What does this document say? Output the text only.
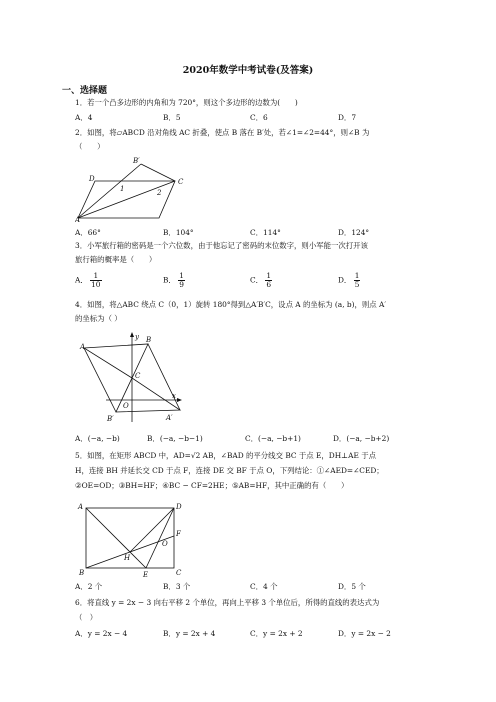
2020年数学中考试卷(及答案)
一、选择题
1．若一个凸多边形的内角和为 720°，则这个多边形的边数为(　　)
A．4	B．5	C．6	D．7
2．如图，将▱ABCD 沿对角线 AC 折叠，使点 B 落在 B′处，若∠1=∠2=44°，则∠B 为
（　　）
B′
D	C
1	2
A
A．66°	B．104°	C．114°	D．124°
3．小军旅行箱的密码是一个六位数，由于他忘记了密码的末位数字，则小军能一次打开该
旅行箱的概率是（　　）
A． $\frac{1}{10}$	B． $\frac{1}{9}$	C． $\frac{1}{6}$	D． $\frac{1}{5}$
4．如图，将△ABC 绕点 C（0，1）旋转 180°得到△A′B′C，设点 A 的坐标为 (a, b)，则点 A′
的坐标为（ ）
A
y B
C
O
x
B′	A′
A．(−a, −b)	B．(−a, −b−1)	C．(−a, −b+1)	D．(−a, −b+2)
5．如图，在矩形 ABCD 中，AD=√2 AB，∠BAD 的平分线交 BC 于点 E，DH⊥AE 于点
H，连接 BH 并延长交 CD 于点 F，连接 DE 交 BF 于点 O，下列结论：①∠AED=∠CED；
②OE=OD；③BH=HF；④BC − CF=2HE；⑤AB=HF，其中正确的有（　　）
A	D
F
O
H
B	E	C
A．2 个	B．3 个	C．4 个	D．5 个
6．将直线 y = 2x − 3 向右平移 2 个单位，再向上平移 3 个单位后，所得的直线的表达式为
（　）
A．y = 2x − 4	B．y = 2x + 4	C．y = 2x + 2	D．y = 2x − 2
